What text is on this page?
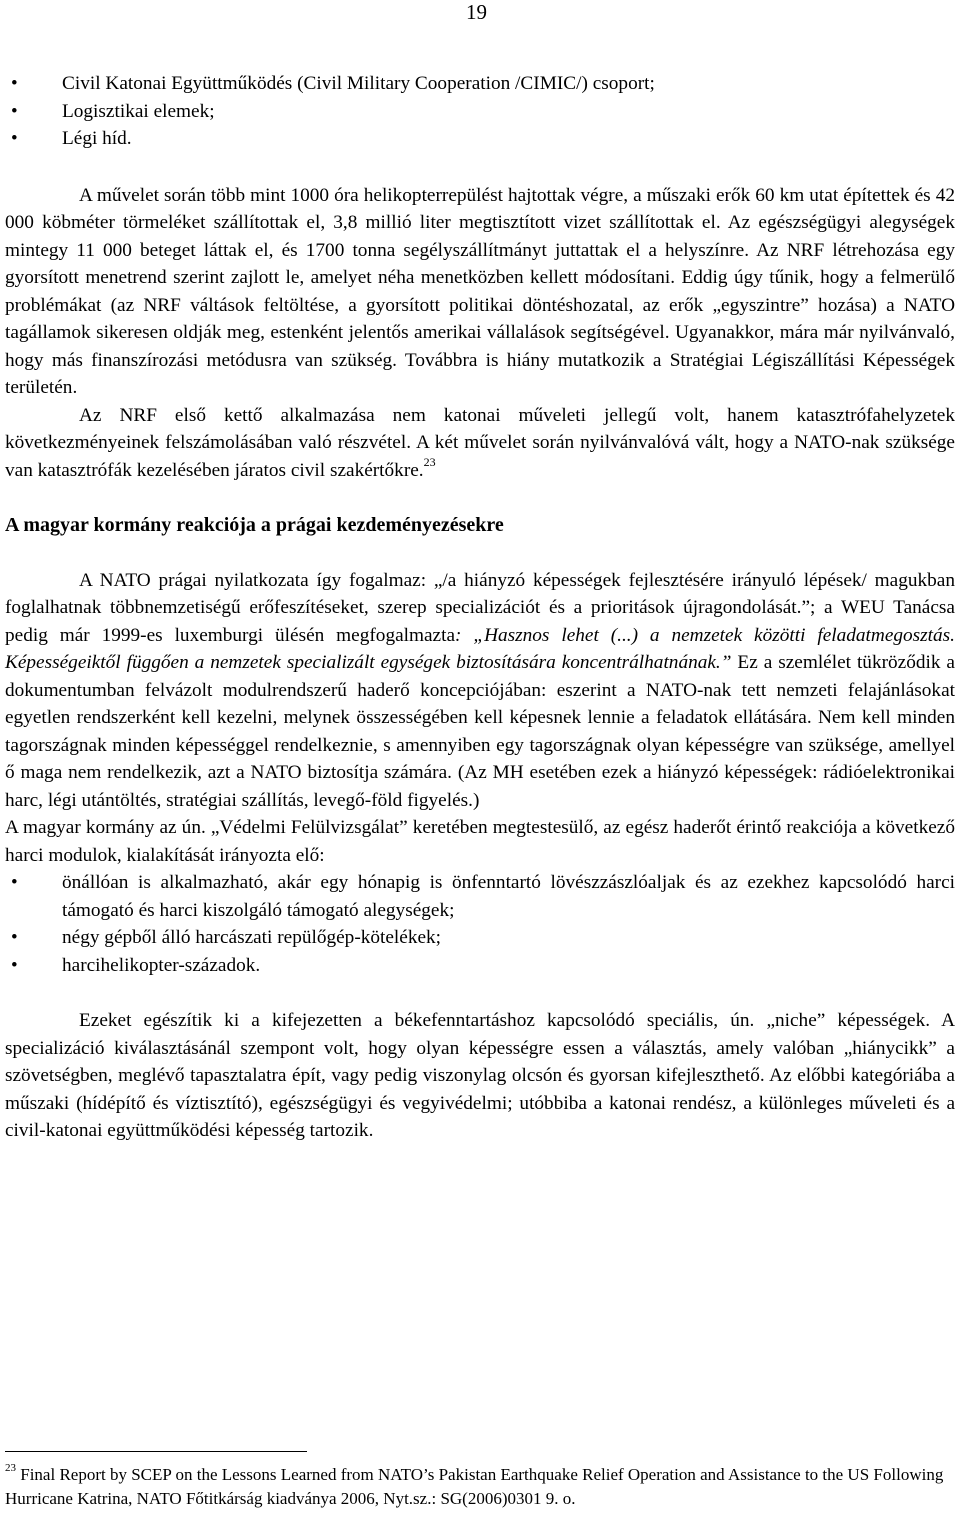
19
• Civil Katonai Együttműködés (Civil Military Cooperation /CIMIC/) csoport;
• Logisztikai elemek;
• Légi híd.

A művelet során több mint 1000 óra helikopterrepülést hajtottak végre, a műszaki erők 60 km utat építettek és 42 000 köbméter törmeléket szállítottak el, 3,8 millió liter megtisztított vizet szállítottak el. Az egészségügyi alegységek mintegy 11 000 beteget láttak el, és 1700 tonna segélyszállítmányt juttattak el a helyszínre. Az NRF létrehozása egy gyorsított menetrend szerint zajlott le, amelyet néha menetközben kellett módosítani. Eddig úgy tűnik, hogy a felmerülő problémákat (az NRF váltások feltöltése, a gyorsított politikai döntéshozatal, az erők „egyszintre” hozása) a NATO tagállamok sikeresen oldják meg, estenként jelentős amerikai vállalások segítségével. Ugyanakkor, mára már nyilvánvaló, hogy más finanszírozási metódusra van szükség. Továbbra is hiány mutatkozik a Stratégiai Légiszállítási Képességek területén.

Az NRF első kettő alkalmazása nem katonai műveleti jellegű volt, hanem katasztrófahelyzetek következményeinek felszámolásában való részvétel. A két művelet során nyilvánvalóvá vált, hogy a NATO-nak szüksége van katasztrófák kezelésében járatos civil szakértőkre.$^{23}$

A magyar kormány reakciója a prágai kezdeményezésekre

A NATO prágai nyilatkozata így fogalmaz: „/a hiányzó képességek fejlesztésére irányuló lépések/ magukban foglalhatnak többnemzetiségű erőfeszítéseket, szerep specializációt és a prioritások újragondolását.”; a WEU Tanácsa pedig már 1999-es luxemburgi ülésén megfogalmazta: „Hasznos lehet (...) a nemzetek közötti feladatmegosztás. Képességeiktől függően a nemzetek specializált egységek biztosítására koncentrálhatnának.” Ez a szemlélet tükröződik a dokumentumban felvázolt modulrendszerű haderő koncepciójában: eszerint a NATO-nak tett nemzeti felajánlásokat egyetlen rendszerként kell kezelni, melynek összességében kell képesnek lennie a feladatok ellátására. Nem kell minden tagországnak minden képességgel rendelkeznie, s amennyiben egy tagországnak olyan képességre van szüksége, amellyel ő maga nem rendelkezik, azt a NATO biztosítja számára. (Az MH esetében ezek a hiányzó képességek: rádióelektronikai harc, légi utántöltés, stratégiai szállítás, levegő-föld figyelés.)

A magyar kormány az ún. „Védelmi Felülvizsgálat” keretében megtestesülő, az egész haderőt érintő reakciója a következő harci modulok, kialakítását irányozta elő:

• önállóan is alkalmazható, akár egy hónapig is önfenntartó lövészzászlóaljak és az ezekhez kapcsolódó harci támogató és harci kiszolgáló támogató alegységek;
• négy gépből álló harcászati repülőgép-kötelékek;
• harcihelikopter-századok.

Ezeket egészítik ki a kifejezetten a békefenntartáshoz kapcsolódó speciális, ún. „niche” képességek. A specializáció kiválasztásánál szempont volt, hogy olyan képességre essen a választás, amely valóban „hiánycikk” a szövetségben, meglévő tapasztalatra épít, vagy pedig viszonylag olcsón és gyorsan kifejleszthető. Az előbbi kategóriába a műszaki (hídépítő és víztisztító), egészségügyi és vegyivédelmi; utóbbiba a katonai rendész, a különleges műveleti és a civil-katonai együttműködési képesség tartozik.

$^{23}$ Final Report by SCEP on the Lessons Learned from NATO’s Pakistan Earthquake Relief Operation and Assistance to the US Following Hurricane Katrina, NATO Főtitkárság kiadványa 2006, Nyt.sz.: SG(2006)0301 9. o.
